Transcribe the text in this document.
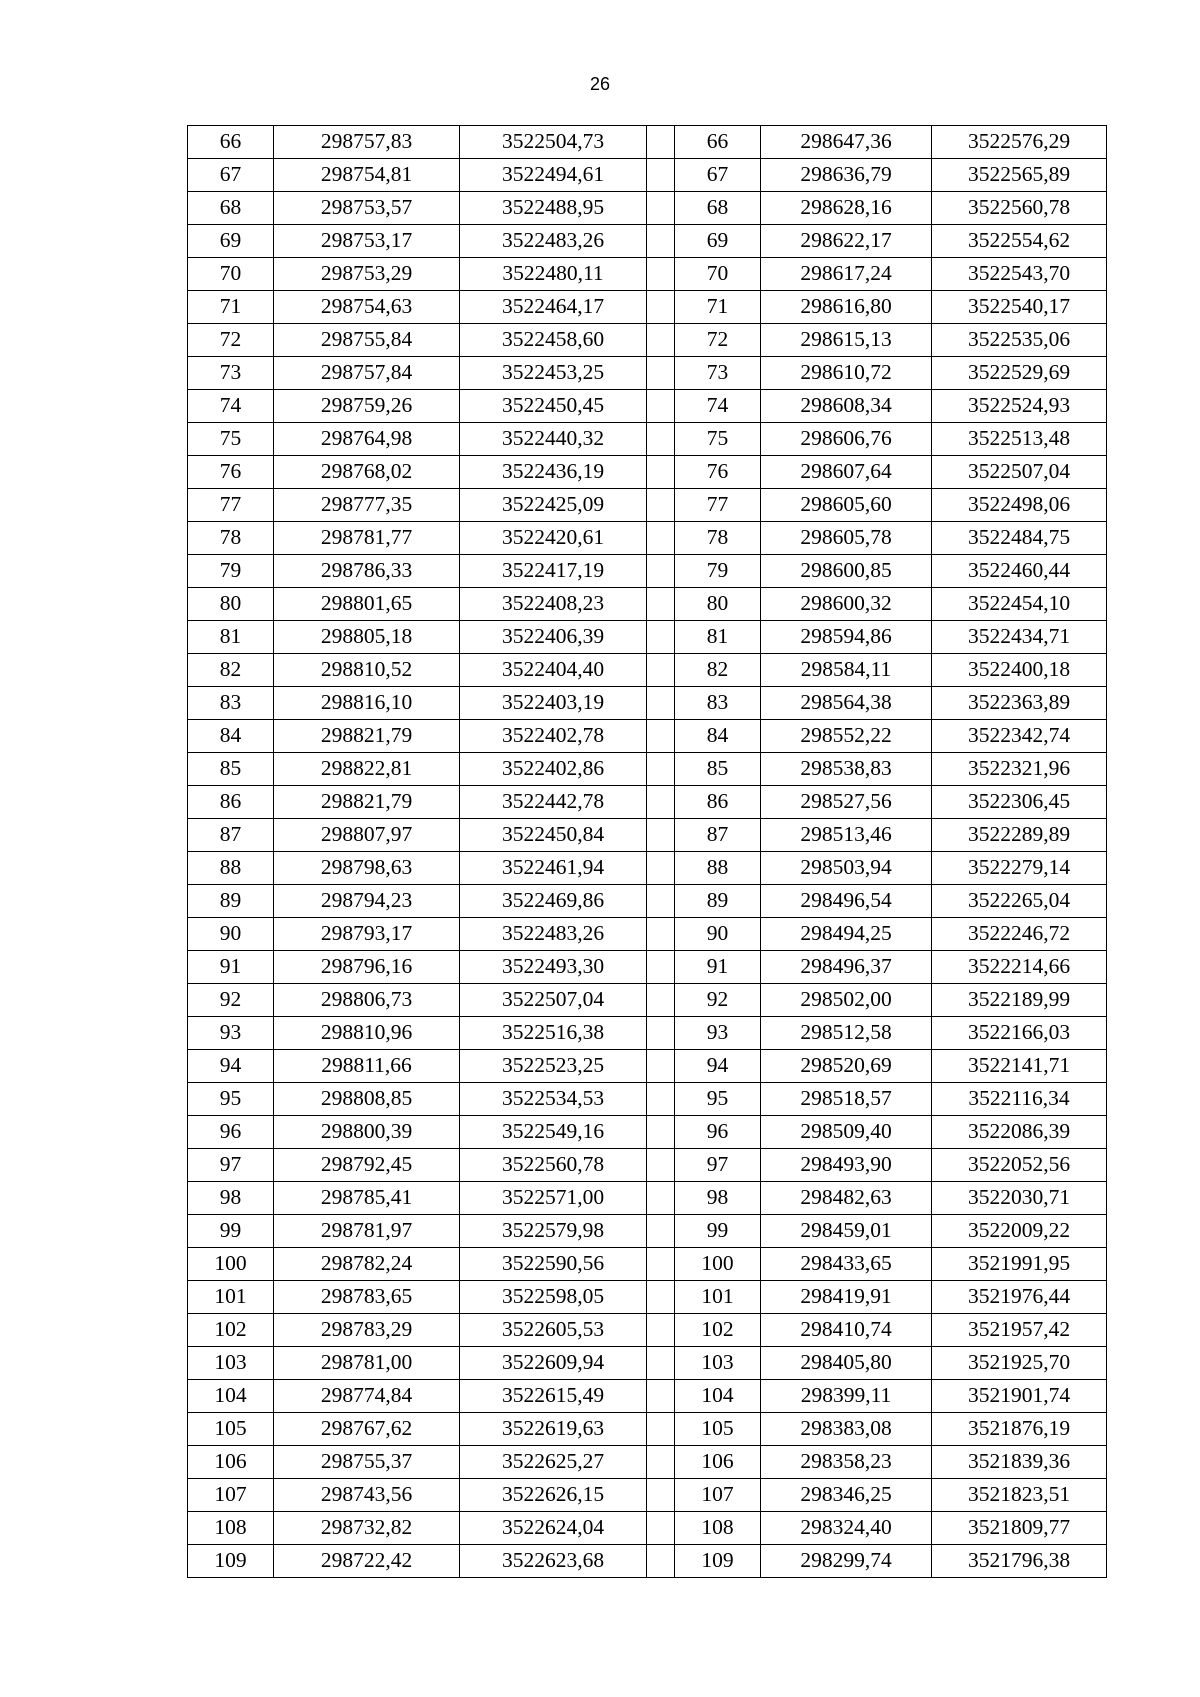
26
66	298757,83	3522504,73		66	298647,36	3522576,29
67	298754,81	3522494,61		67	298636,79	3522565,89
68	298753,57	3522488,95		68	298628,16	3522560,78
69	298753,17	3522483,26		69	298622,17	3522554,62
70	298753,29	3522480,11		70	298617,24	3522543,70
71	298754,63	3522464,17		71	298616,80	3522540,17
72	298755,84	3522458,60		72	298615,13	3522535,06
73	298757,84	3522453,25		73	298610,72	3522529,69
74	298759,26	3522450,45		74	298608,34	3522524,93
75	298764,98	3522440,32		75	298606,76	3522513,48
76	298768,02	3522436,19		76	298607,64	3522507,04
77	298777,35	3522425,09		77	298605,60	3522498,06
78	298781,77	3522420,61		78	298605,78	3522484,75
79	298786,33	3522417,19		79	298600,85	3522460,44
80	298801,65	3522408,23		80	298600,32	3522454,10
81	298805,18	3522406,39		81	298594,86	3522434,71
82	298810,52	3522404,40		82	298584,11	3522400,18
83	298816,10	3522403,19		83	298564,38	3522363,89
84	298821,79	3522402,78		84	298552,22	3522342,74
85	298822,81	3522402,86		85	298538,83	3522321,96
86	298821,79	3522442,78		86	298527,56	3522306,45
87	298807,97	3522450,84		87	298513,46	3522289,89
88	298798,63	3522461,94		88	298503,94	3522279,14
89	298794,23	3522469,86		89	298496,54	3522265,04
90	298793,17	3522483,26		90	298494,25	3522246,72
91	298796,16	3522493,30		91	298496,37	3522214,66
92	298806,73	3522507,04		92	298502,00	3522189,99
93	298810,96	3522516,38		93	298512,58	3522166,03
94	298811,66	3522523,25		94	298520,69	3522141,71
95	298808,85	3522534,53		95	298518,57	3522116,34
96	298800,39	3522549,16		96	298509,40	3522086,39
97	298792,45	3522560,78		97	298493,90	3522052,56
98	298785,41	3522571,00		98	298482,63	3522030,71
99	298781,97	3522579,98		99	298459,01	3522009,22
100	298782,24	3522590,56		100	298433,65	3521991,95
101	298783,65	3522598,05		101	298419,91	3521976,44
102	298783,29	3522605,53		102	298410,74	3521957,42
103	298781,00	3522609,94		103	298405,80	3521925,70
104	298774,84	3522615,49		104	298399,11	3521901,74
105	298767,62	3522619,63		105	298383,08	3521876,19
106	298755,37	3522625,27		106	298358,23	3521839,36
107	298743,56	3522626,15		107	298346,25	3521823,51
108	298732,82	3522624,04		108	298324,40	3521809,77
109	298722,42	3522623,68		109	298299,74	3521796,38
